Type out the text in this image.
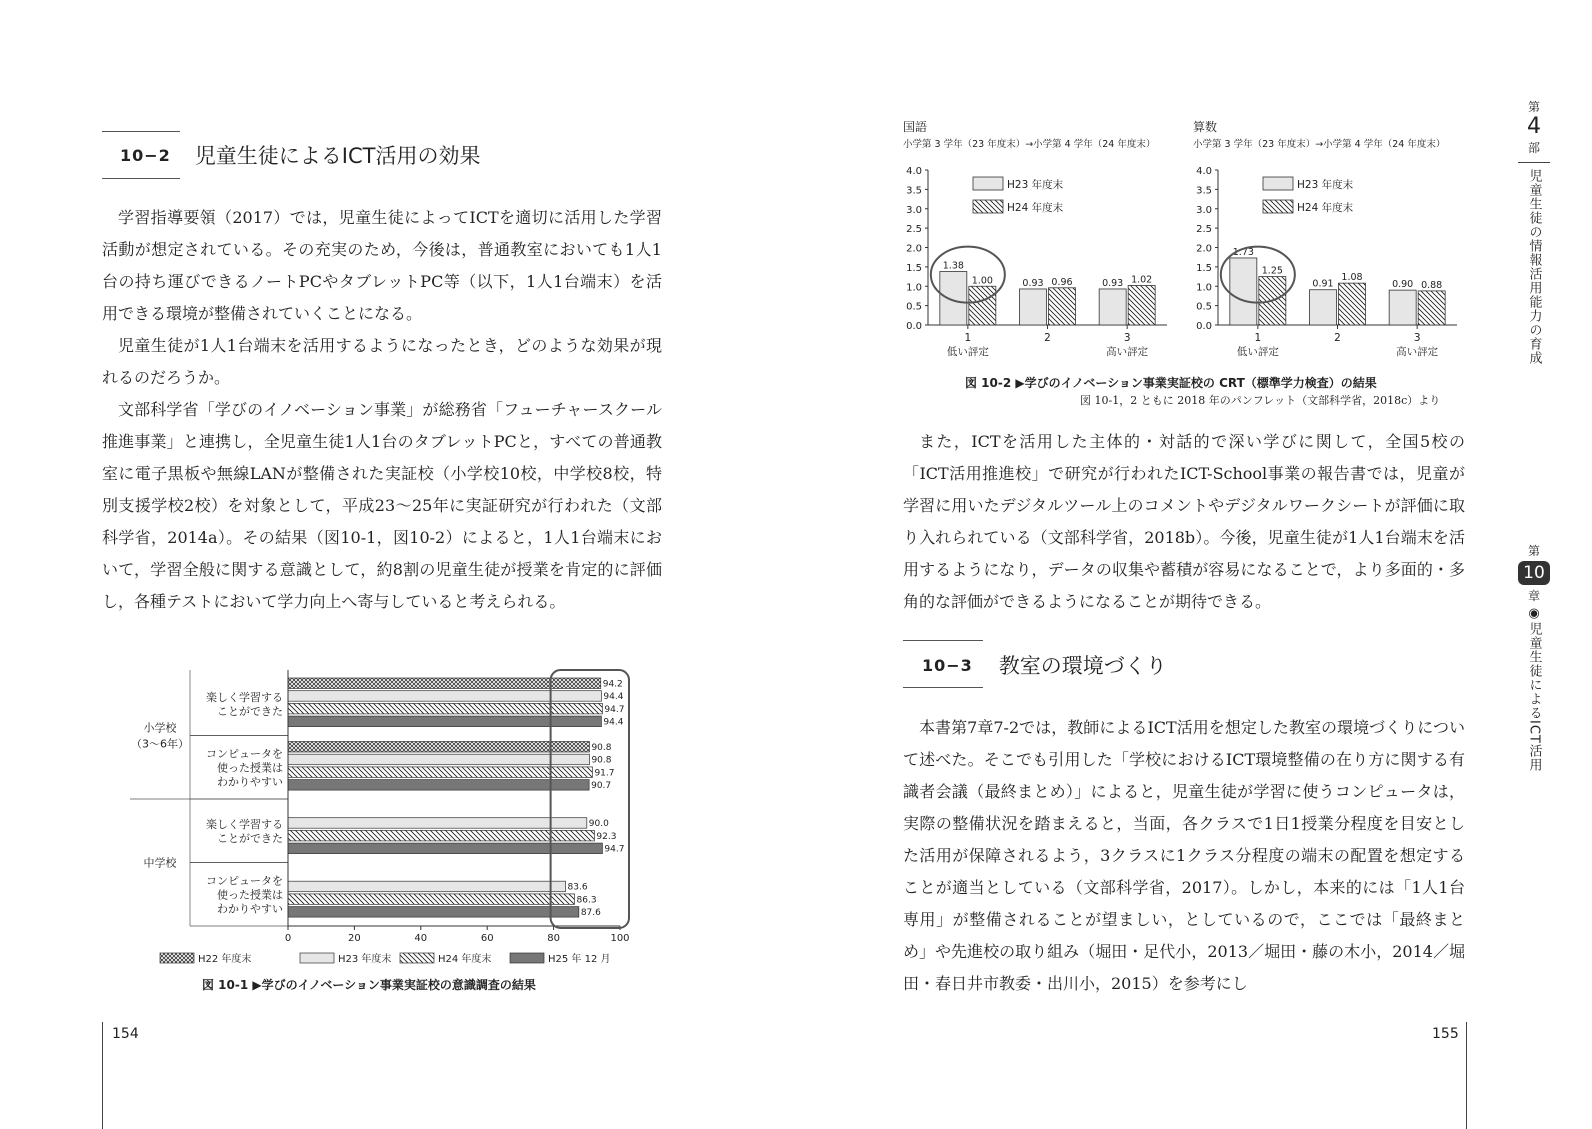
10−2 児童生徒によるICT活用の効果

学習指導要領（2017）では，児童生徒によってICTを適切に活用した学習活動が想定されている。その充実のため，今後は，普通教室においても1人1台の持ち運びできるノートPCやタブレットPC等（以下，1人1台端末）を活用できる環境が整備されていくことになる。

児童生徒が1人1台端末を活用するようになったとき，どのような効果が現れるのだろうか。

文部科学省「学びのイノベーション事業」が総務省「フューチャースクール推進事業」と連携し，全児童生徒1人1台のタブレットPCと，すべての普通教室に電子黒板や無線LANが整備された実証校（小学校10校，中学校8校，特別支援学校2校）を対象として，平成23～25年に実証研究が行われた（文部科学省，2014a）。その結果（図10-1，図10-2）によると，1人1台端末において，学習全般に関する意識として，約8割の児童生徒が授業を肯定的に評価し，各種テストにおいて学力向上へ寄与していると考えられる。

94.2
94.4
94.7
94.4
楽しく学習する
ことができた
90.8
90.8
91.7
90.7
コンピュータを
使った授業は
わかりやすい
90.0
92.3
94.7
楽しく学習する
ことができた
83.6
86.3
87.6
コンピュータを
使った授業は
わかりやすい
小学校
（3～6年）
中学校
0	20	40	60	80	100
H22 年度末	H23 年度末	H24 年度末	H25 年 12 月
図 10-1 ▶学びのイノベーション事業実証校の意識調査の結果
154
国語
小学第 3 学年（23 年度末）→小学第 4 学年（24 年度末）
0.0
0.5
1.0
1.5
2.0
2.5
3.0
3.5
4.0
1.38
1.00
1
低い評定
0.93 0.96
2
0.93 1.02
3
高い評定
H23 年度末
H24 年度末
算数
小学第 3 学年（23 年度末）→小学第 4 学年（24 年度末）
0.0
0.5
1.0
1.5
2.0
2.5
3.0
3.5
4.0
1.73
1.25
1
低い評定
0.91
1.08
2
0.90 0.88
3
高い評定
H23 年度末
H24 年度末
図 10-2 ▶学びのイノベーション事業実証校の CRT（標準学力検査）の結果
図 10-1，2 ともに 2018 年のパンフレット（文部科学省，2018c）より

また，ICTを活用した主体的・対話的で深い学びに関して，全国5校の「ICT活用推進校」で研究が行われたICT-School事業の報告書では，児童が学習に用いたデジタルツール上のコメントやデジタルワークシートが評価に取り入れられている（文部科学省，2018b）。今後，児童生徒が1人1台端末を活用するようになり，データの収集や蓄積が容易になることで，より多面的・多角的な評価ができるようになることが期待できる。

10−3 教室の環境づくり

本書第7章7-2では，教師によるICT活用を想定した教室の環境づくりについて述べた。そこでも引用した「学校におけるICT環境整備の在り方に関する有識者会議（最終まとめ）」によると，児童生徒が学習に使うコンピュータは，実際の整備状況を踏まえると，当面，各クラスで1日1授業分程度を目安とした活用が保障されるよう，3クラスに1クラス分程度の端末の配置を想定することが適当としている（文部科学省，2017）。しかし，本来的には「1人1台専用」が整備されることが望ましい，としているので，ここでは「最終まとめ」や先進校の取り組み（堀田・足代小，2013／堀田・藤の木小，2014／堀田・春日井市教委・出川小，2015）を参考にし

155
第
4
部
児童生徒の情報活用能力の育成
第
10
章
◉児童生徒によるICT活用
